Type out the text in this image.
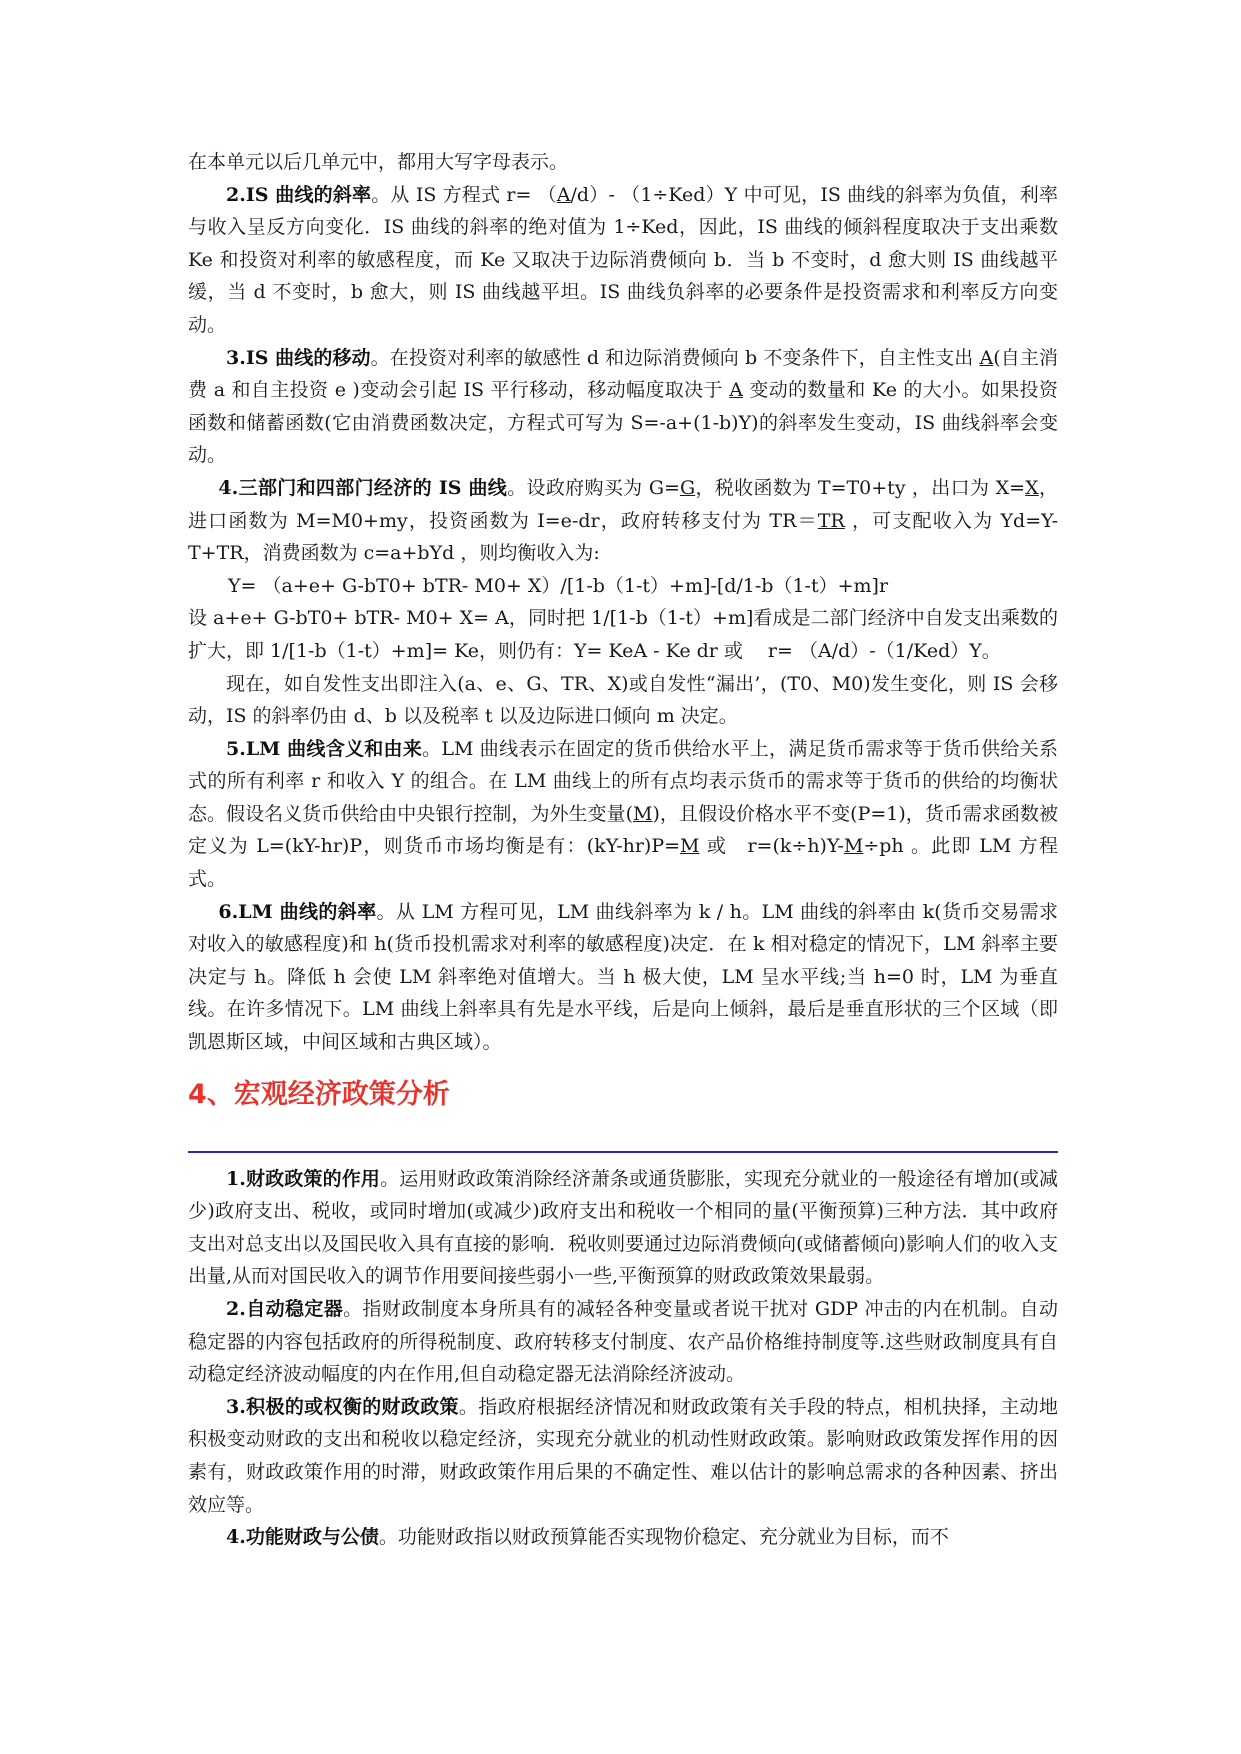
在本单元以后几单元中，都用大写字母表示。

2.IS 曲线的斜率。从 IS 方程式 r= （A/d）- （1÷Ked）Y 中可见，IS 曲线的斜率为负值，利率与收入呈反方向变化．IS 曲线的斜率的绝对值为 1÷Ked，因此，IS 曲线的倾斜程度取决于支出乘数 Ke 和投资对利率的敏感程度，而 Ke 又取决于边际消费倾向 b．当 b 不变时，d 愈大则 IS 曲线越平缓，当 d 不变时，b 愈大，则 IS 曲线越平坦。IS 曲线负斜率的必要条件是投资需求和利率反方向变动。

3.IS 曲线的移动。在投资对利率的敏感性 d 和边际消费倾向 b 不变条件下，自主性支出 A(自主消费 a 和自主投资 e )变动会引起 IS 平行移动，移动幅度取决于 A 变动的数量和 Ke 的大小。如果投资函数和储蓄函数(它由消费函数决定，方程式可写为 S=-a+(1-b)Y)的斜率发生变动，IS 曲线斜率会变动。

4.三部门和四部门经济的 IS 曲线。设政府购买为 G=G，税收函数为 T=T0+ty ，出口为 X=X，进口函数为 M=M0+my，投资函数为 I=e-dr，政府转移支付为 TR＝TR ，可支配收入为 Yd=Y-T+TR，消费函数为 c=a+bYd ，则均衡收入为:

Y= （a+e+ G-bT0+ bTR- M0+ X）/[1-b（1-t）+m]-[d/1-b（1-t）+m]r

设 a+e+ G-bT0+ bTR- M0+ X= A，同时把 1/[1-b（1-t）+m]看成是二部门经济中自发支出乘数的扩大，即 1/[1-b（1-t）+m]= Ke，则仍有：Y= KeA - Ke dr 或　 r= （A/d）-（1/Ked）Y。

现在，如自发性支出即注入(a、e、G、TR、X)或自发性“漏出’，(T0、M0)发生变化，则 IS 会移动，IS 的斜率仍由 d、b 以及税率 t 以及边际进口倾向 m 决定。

5.LM 曲线含义和由来。LM 曲线表示在固定的货币供给水平上，满足货币需求等于货币供给关系式的所有利率 r 和收入 Y 的组合。在 LM 曲线上的所有点均表示货币的需求等于货币的供给的均衡状态。假设名义货币供给由中央银行控制，为外生变量(M)，且假设价格水平不变(P=1)，货币需求函数被定义为 L=(kY-hr)P，则货币市场均衡是有：(kY-hr)P=M 或　r=(k÷h)Y-M÷ph 。此即 LM 方程式。

6.LM 曲线的斜率。从 LM 方程可见，LM 曲线斜率为 k / h。LM 曲线的斜率由 k(货币交易需求对收入的敏感程度)和 h(货币投机需求对利率的敏感程度)决定．在 k 相对稳定的情况下，LM 斜率主要决定与 h。降低 h 会使 LM 斜率绝对值增大。当 h 极大使，LM 呈水平线;当 h=0 时，LM 为垂直线。在许多情况下。LM 曲线上斜率具有先是水平线，后是向上倾斜，最后是垂直形状的三个区域（即凯恩斯区域，中间区域和古典区域）。

4、宏观经济政策分析

1.财政政策的作用。运用财政政策消除经济萧条或通货膨胀，实现充分就业的一般途径有增加(或减少)政府支出、税收，或同时增加(或减少)政府支出和税收一个相同的量(平衡预算)三种方法．其中政府支出对总支出以及国民收入具有直接的影响．税收则要通过边际消费倾向(或储蓄倾向)影响人们的收入支出量,从而对国民收入的调节作用要间接些弱小一些,平衡预算的财政政策效果最弱。

2.自动稳定器。指财政制度本身所具有的减轻各种变量或者说干扰对 GDP 冲击的内在机制。自动稳定器的内容包括政府的所得税制度、政府转移支付制度、农产品价格维持制度等.这些财政制度具有自动稳定经济波动幅度的内在作用,但自动稳定器无法消除经济波动。

3.积极的或权衡的财政政策。指政府根据经济情况和财政政策有关手段的特点，相机抉择，主动地积极变动财政的支出和税收以稳定经济，实现充分就业的机动性财政政策。影响财政政策发挥作用的因素有，财政政策作用的时滞，财政政策作用后果的不确定性、难以估计的影响总需求的各种因素、挤出效应等。

4.功能财政与公债。功能财政指以财政预算能否实现物价稳定、充分就业为目标，而不
